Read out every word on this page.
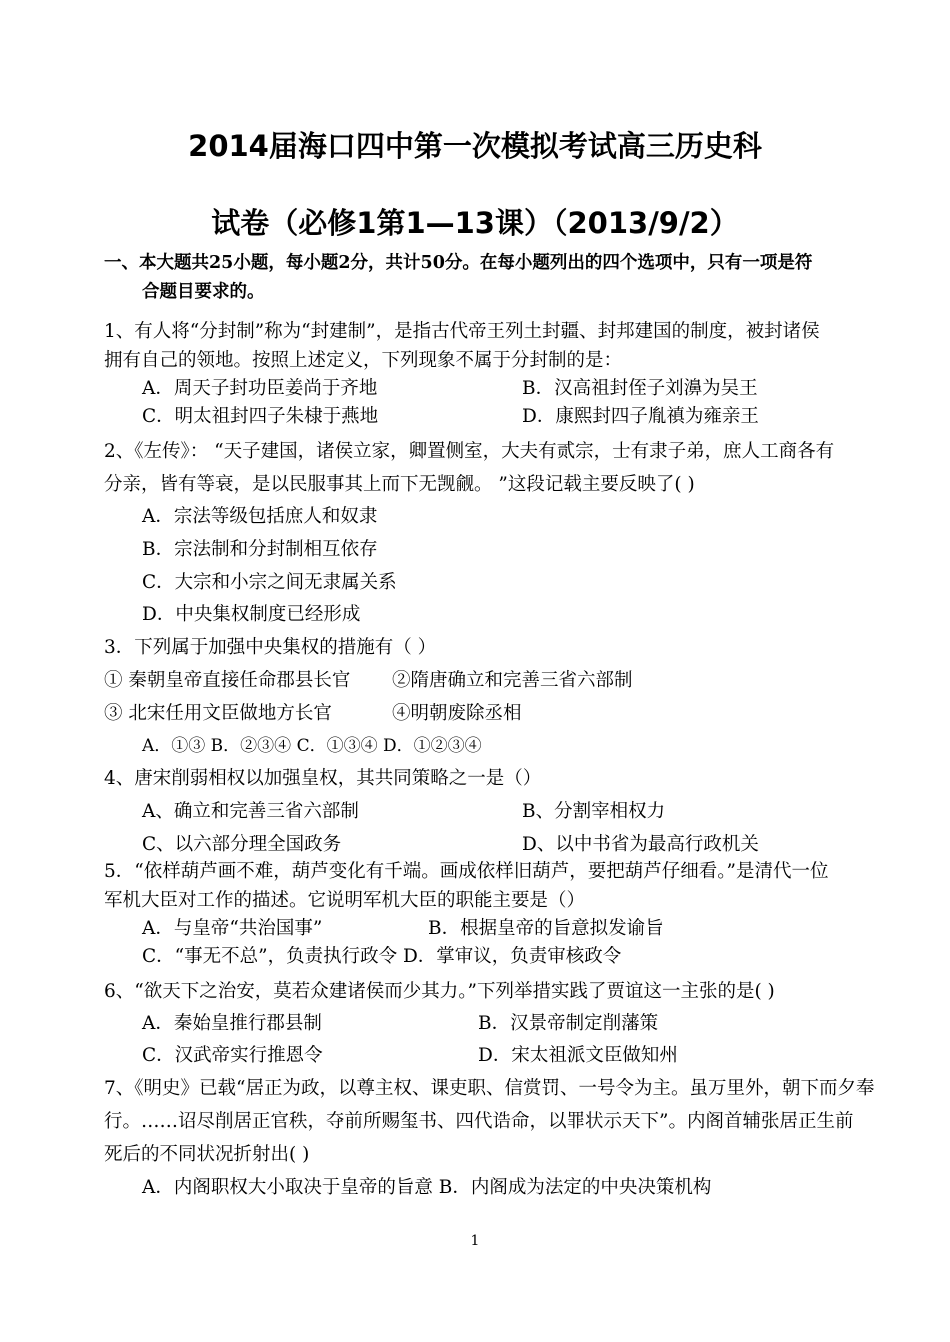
2014届海口四中第一次模拟考试高三历史科
试卷（必修1第1—13课）（2013/9/2）
一、本大题共25小题，每小题2分，共计50分。在每小题列出的四个选项中，只有一项是符
合题目要求的。
1、有人将“分封制”称为“封建制”，是指古代帝王列土封疆、封邦建国的制度，被封诸侯
拥有自己的领地。按照上述定义，下列现象不属于分封制的是：
A．周天子封功臣姜尚于齐地	B．汉高祖封侄子刘濞为吴王
C．明太祖封四子朱棣于燕地	D．康熙封四子胤禛为雍亲王
2、《左传》： “天子建国，诸侯立家，卿置侧室，大夫有贰宗，士有隶子弟，庶人工商各有
分亲，皆有等衰，是以民服事其上而下无觊觎。 ”这段记载主要反映了( )
A．宗法等级包括庶人和奴隶
B．宗法制和分封制相互依存
C．大宗和小宗之间无隶属关系
D．中央集权制度已经形成
3．下列属于加强中央集权的措施有（ ）
① 秦朝皇帝直接任命郡县长官 ②隋唐确立和完善三省六部制
③ 北宋任用文臣做地方长官	④明朝废除丞相
A．①③ B．②③④ C．①③④ D．①②③④
4、唐宋削弱相权以加强皇权，其共同策略之一是（）
A、确立和完善三省六部制	B、分割宰相权力
C、以六部分理全国政务	D、以中书省为最高行政机关
5．“依样葫芦画不难，葫芦变化有千端。画成依样旧葫芦，要把葫芦仔细看。”是清代一位
军机大臣对工作的描述。它说明军机大臣的职能主要是（）
A．与皇帝“共治国事”	B．根据皇帝的旨意拟发谕旨
C．“事无不总”，负责执行政令 D．掌审议，负责审核政令
6、“欲天下之治安，莫若众建诸侯而少其力。”下列举措实践了贾谊这一主张的是( )
A．秦始皇推行郡县制	B．汉景帝制定削藩策
C．汉武帝实行推恩令	D．宋太祖派文臣做知州
7、《明史》已载“居正为政，以尊主权、课吏职、信赏罚、一号令为主。虽万里外，朝下而夕奉
行。……诏尽削居正官秩，夺前所赐玺书、四代诰命，以罪状示天下”。内阁首辅张居正生前
死后的不同状况折射出( )
A．内阁职权大小取决于皇帝的旨意 B．内阁成为法定的中央决策机构
1
